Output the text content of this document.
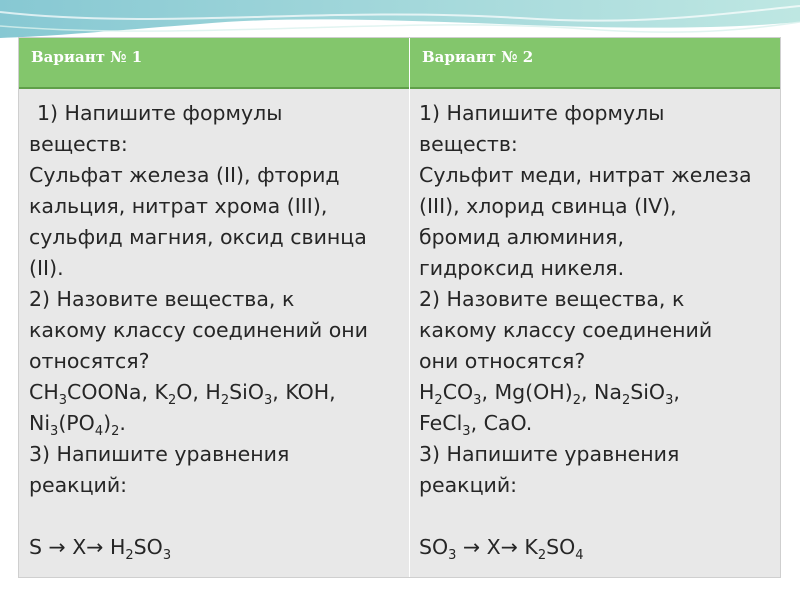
Вариант № 1	Вариант № 2
1) Напишите формулы
веществ:
Сульфат железа (II), фторид
кальция, нитрат хрома (III),
сульфид магния, оксид свинца
(II).
2) Назовите вещества, к
какому классу соединений они
относятся?
$CH_3COONa$, $K_2O$, $H_2SiO_3$, KOH,
$Ni_3(PO_4)_2$.
3) Напишите уравнения
реакций:
$S \to X\to H_2SO_3$
1) Напишите формулы
веществ:
Сульфит меди, нитрат железа
(III), хлорид свинца (IV),
бромид алюминия,
гидроксид никеля.
2) Назовите вещества, к
какому классу соединений
они относятся?
$H_2CO_3$, $Mg(OH)_2$, $Na_2SiO_3$,
FeCl$_3$, CaO.
3) Напишите уравнения
реакций:
$SO_3 \to X\to K_2SO_4$
